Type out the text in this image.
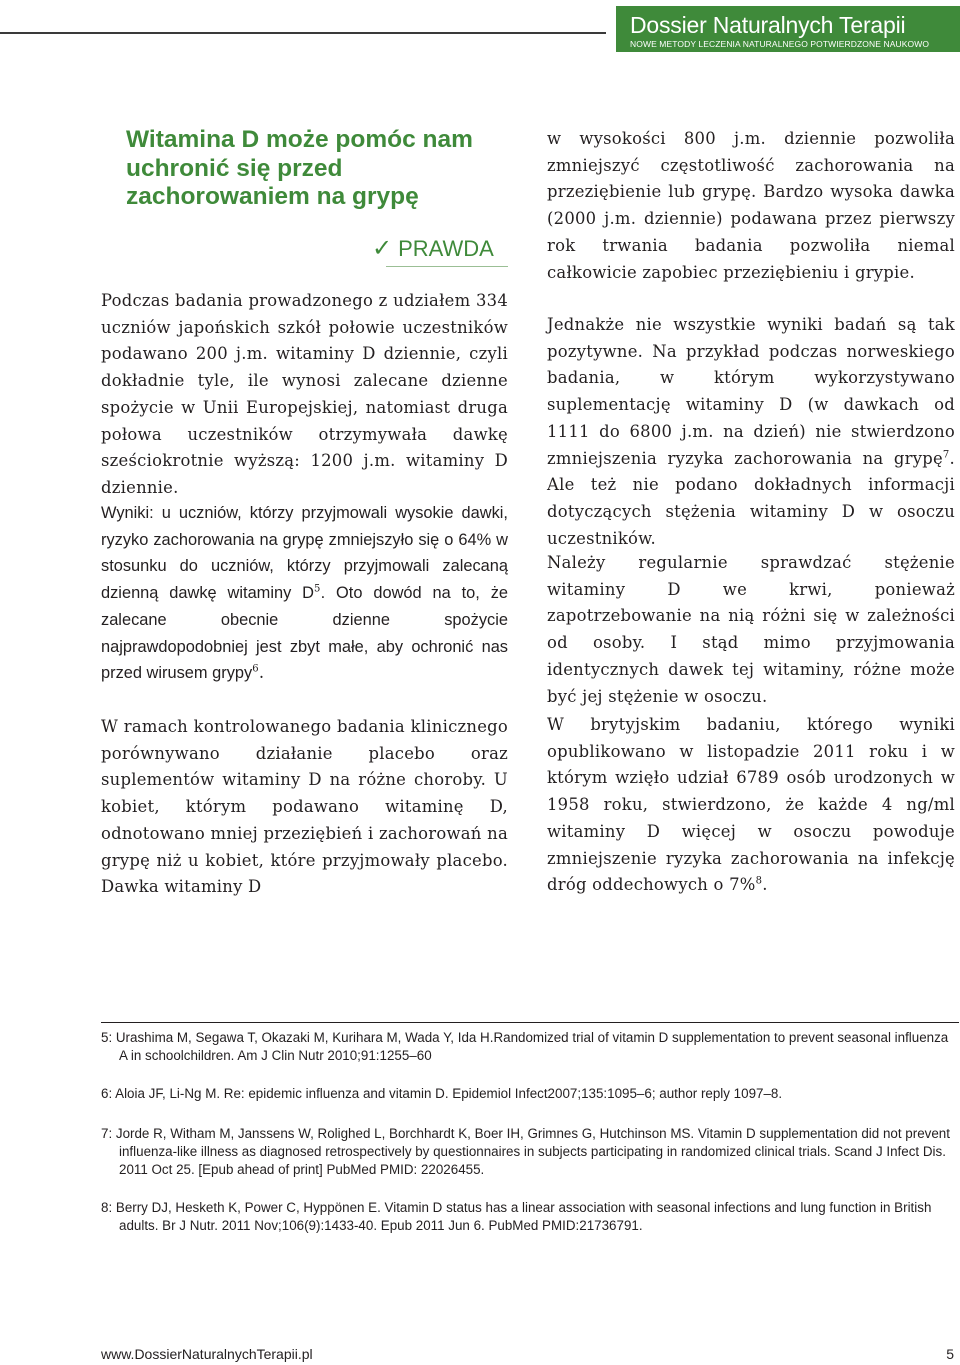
Dossier Naturalnych Terapii
NOWE METODY LECZENIA NATURALNEGO POTWIERDZONE NAUKOWO
Witamina D może pomóc nam uchronić się przed zachorowaniem na grypę
✓ PRAWDA

Podczas badania prowadzonego z udziałem 334 uczniów japońskich szkół połowie uczestników podawano 200 j.m. witaminy D dziennie, czyli dokładnie tyle, ile wynosi zalecane dzienne spożycie w Unii Europejskiej, natomiast druga połowa uczestników otrzymywała dawkę sześciokrotnie wyższą: 1200 j.m. witaminy D dziennie.

Wyniki: u uczniów, którzy przyjmowali wysokie dawki, ryzyko zachorowania na grypę zmniejszyło się o 64% w stosunku do uczniów, którzy przyjmowali zalecaną dzienną dawkę witaminy $D^5$. Oto dowód na to, że zalecane obecnie dzienne spożycie najprawdopodobniej jest zbyt małe, aby ochronić nas przed wirusem grypy$^6$.

W ramach kontrolowanego badania klinicznego porównywano działanie placebo oraz suplementów witaminy D na różne choroby. U kobiet, którym podawano witaminę D, odnotowano mniej przeziębień i zachorowań na grypę niż u kobiet, które przyjmowały placebo. Dawka witaminy D

w wysokości 800 j.m. dziennie pozwoliła zmniejszyć częstotliwość zachorowania na przeziębienie lub grypę. Bardzo wysoka dawka (2000 j.m. dziennie) podawana przez pierwszy rok trwania badania pozwoliła niemal całkowicie zapobiec przeziębieniu i grypie.

Jednakże nie wszystkie wyniki badań są tak pozytywne. Na przykład podczas norweskiego badania, w którym wykorzystywano suplementację witaminy D (w dawkach od 1111 do 6800 j.m. na dzień) nie stwierdzono zmniejszenia ryzyka zachorowania na grypę$^7$. Ale też nie podano dokładnych informacji dotyczących stężenia witaminy D w osoczu uczestników.

Należy regularnie sprawdzać stężenie witaminy D we krwi, ponieważ zapotrzebowanie na nią różni się w zależności od osoby. I stąd mimo przyjmowania identycznych dawek tej witaminy, różne może być jej stężenie w osoczu.

W brytyjskim badaniu, którego wyniki opublikowano w listopadzie 2011 roku i w którym wzięło udział 6789 osób urodzonych w 1958 roku, stwierdzono, że każde 4 ng/ml witaminy D więcej w osoczu powoduje zmniejszenie ryzyka zachorowania na infekcję dróg oddechowych o 7%$^8$.

5: Urashima M, Segawa T, Okazaki M, Kurihara M, Wada Y, Ida H.Randomized trial of vitamin D supplementation to prevent seasonal influenza A in schoolchildren. Am J Clin Nutr 2010;91:1255–60
6: Aloia JF, Li-Ng M. Re: epidemic influenza and vitamin D. Epidemiol Infect2007;135:1095–6; author reply 1097–8.
7: Jorde R, Witham M, Janssens W, Rolighed L, Borchhardt K, Boer IH, Grimnes G, Hutchinson MS. Vitamin D supplementation did not prevent influenza-like illness as diagnosed retrospectively by questionnaires in subjects participating in randomized clinical trials. Scand J Infect Dis. 2011 Oct 25. [Epub ahead of print] PubMed PMID: 22026455.
8: Berry DJ, Hesketh K, Power C, Hyppönen E. Vitamin D status has a linear association with seasonal infections and lung function in British adults. Br J Nutr. 2011 Nov;106(9):1433-40. Epub 2011 Jun 6. PubMed PMID:21736791.
www.DossierNaturalnychTerapii.pl	5
